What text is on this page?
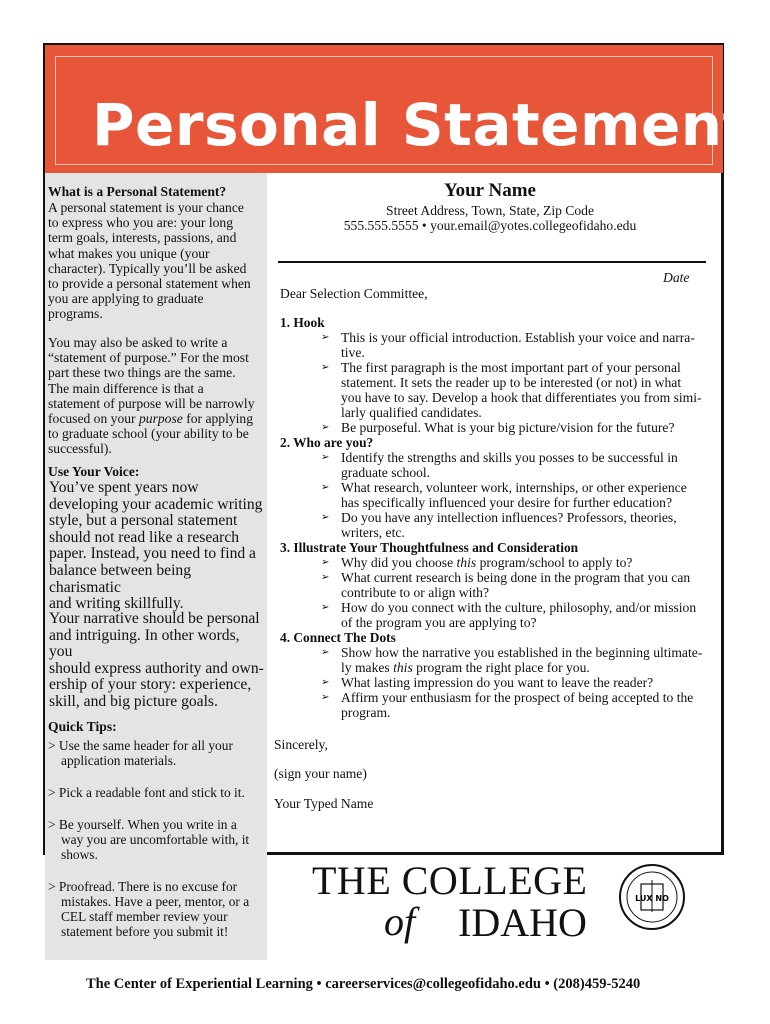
Personal Statement
What is a Personal Statement?
A personal statement is your chance
to express who you are: your long
term goals, interests, passions, and
what makes you unique (your
character). Typically you’ll be asked
to provide a personal statement when
you are applying to graduate
programs.
You may also be asked to write a
“statement of purpose.” For the most
part these two things are the same.
The main difference is that a
statement of purpose will be narrowly
focused on your purpose for applying
to graduate school (your ability to be
successful).
Use Your Voice:
You’ve spent years now
developing your academic writing
style, but a personal statement
should not read like a research
paper. Instead, you need to find a
balance between being charismatic
and writing skillfully.
Your narrative should be personal
and intriguing. In other words, you
should express authority and own-
ership of your story: experience,
skill, and big picture goals.
Quick Tips:
> Use the same header for all your application materials.
> Pick a readable font and stick to it.
> Be yourself. When you write in a way you are uncomfortable with, it shows.
> Proofread. There is no excuse for mistakes. Have a peer, mentor, or a CEL staff member review your statement before you submit it!
Your Name
Street Address, Town, State, Zip Code
555.555.5555 • your.email@yotes.collegeofidaho.edu
Date
Dear Selection Committee,
1. Hook
➢ This is your official introduction. Establish your voice and narra-
tive.
➢ The first paragraph is the most important part of your personal
statement. It sets the reader up to be interested (or not) in what
you have to say. Develop a hook that differentiates you from simi-
larly qualified candidates.
➢ Be purposeful. What is your big picture/vision for the future?
2. Who are you?
➢ Identify the strengths and skills you posses to be successful in
graduate school.
➢ What research, volunteer work, internships, or other experience
has specifically influenced your desire for further education?
➢ Do you have any intellection influences? Professors, theories,
writers, etc.
3. Illustrate Your Thoughtfulness and Consideration
➢ Why did you choose this program/school to apply to?
➢ What current research is being done in the program that you can
contribute to or align with?
➢ How do you connect with the culture, philosophy, and/or mission
of the program you are applying to?
4. Connect The Dots
➢ Show how the narrative you established in the beginning ultimate-
ly makes this program the right place for you.
➢ What lasting impression do you want to leave the reader?
➢ Affirm your enthusiasm for the prospect of being accepted to the
program.
Sincerely,
(sign your name)
Your Typed Name
THE COLLEGE
of IDAHO
LUX NO
The Center of Experiential Learning • careerservices@collegeofidaho.edu • (208)459-5240
